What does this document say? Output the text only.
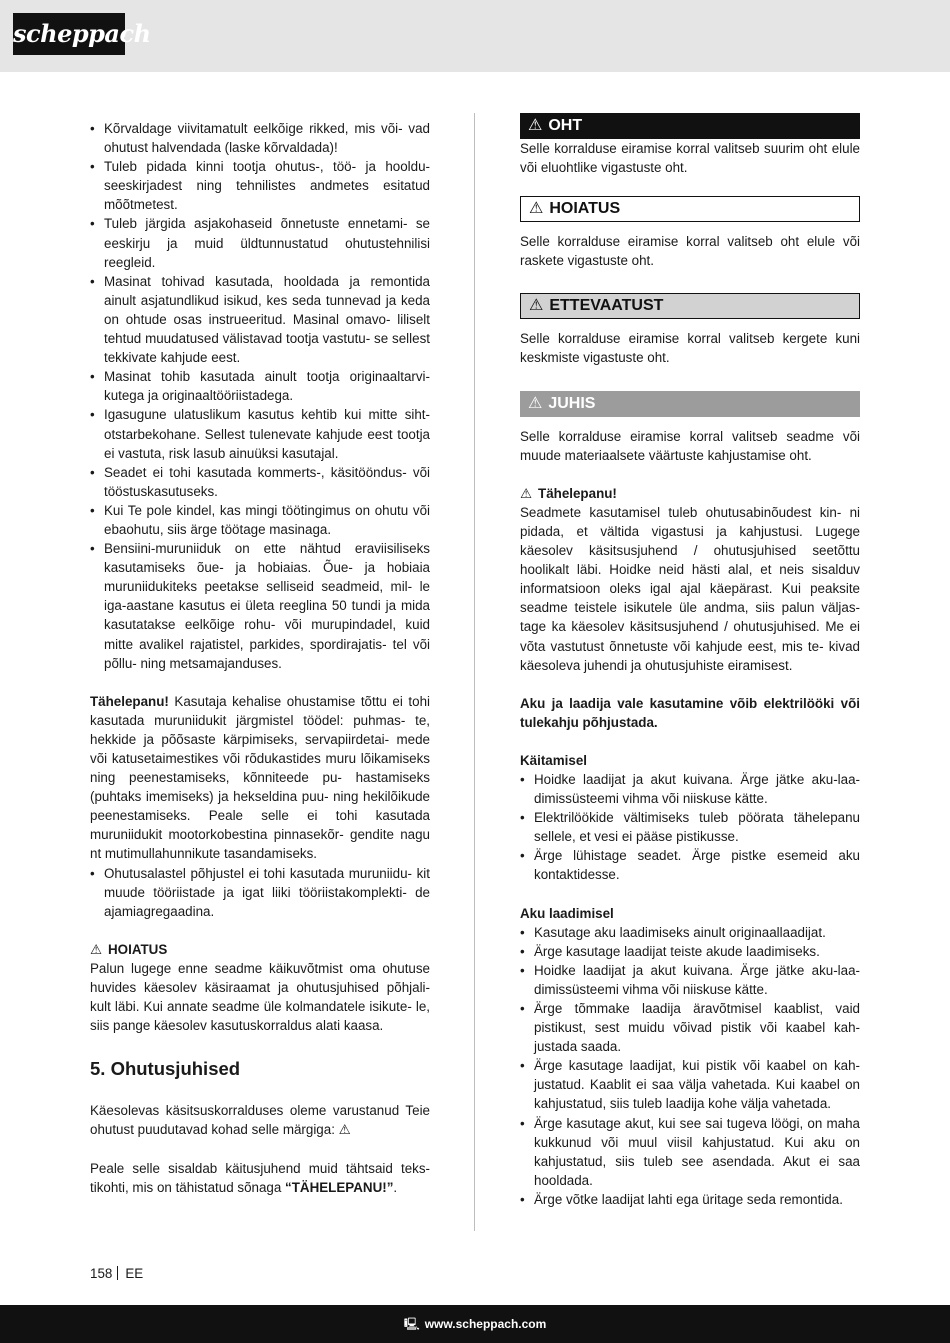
scheppach
• Kõrvaldage viivitamatult eelkõige rikked, mis või- vad ohutust halvendada (laske kõrvaldada)!
• Tuleb pidada kinni tootja ohutus-, töö- ja hooldu- seeskirjadest ning tehnilistes andmetes esitatud mõõtmetest.
• Tuleb järgida asjakohaseid õnnetuste ennetami- se eeskirju ja muid üldtunnustatud ohutustehnilisi reegleid.
• Masinat tohivad kasutada, hooldada ja remontida ainult asjatundlikud isikud, kes seda tunnevad ja keda on ohtude osas instrueeritud. Masinal omavo- liliselt tehtud muudatused välistavad tootja vastutu- se sellest tekkivate kahjude eest.
• Masinat tohib kasutada ainult tootja originaaltarvi- kutega ja originaaltööriistadega.
• Igasugune ulatuslikum kasutus kehtib kui mitte siht- otstarbekohane. Sellest tulenevate kahjude eest tootja ei vastuta, risk lasub ainuüksi kasutajal.
• Seadet ei tohi kasutada kommerts-, käsitööndus- või tööstuskasutuseks.
• Kui Te pole kindel, kas mingi töötingimus on ohutu või ebaohutu, siis ärge töötage masinaga.
• Bensiini-muruniiduk on ette nähtud eraviisiliseks kasutamiseks õue- ja hobiaias. Õue- ja hobiaia muruniidukiteks peetakse selliseid seadmeid, mil- le iga-aastane kasutus ei ületa reeglina 50 tundi ja mida kasutatakse eelkõige rohu- või murupindadel, kuid mitte avalikel rajatistel, parkides, spordirajatis- tel või põllu- ning metsamajanduses.

Tähelepanu! Kasutaja kehalise ohustamise tõttu ei tohi kasutada muruniidukit järgmistel töödel: puhmas- te, hekkide ja põõsaste kärpimiseks, servapiirdetai- mede või katusetaimestikes või rõdukastides muru lõikamiseks ning peenestamiseks, kõnniteede pu- hastamiseks (puhtaks imemiseks) ja hekseldina puu- ning hekilõikude peenestamiseks. Peale selle ei tohi kasutada muruniidukit mootorkobestina pinnasekõr- gendite nagu nt mutimullahunnikute tasandamiseks.

• Ohutusalastel põhjustel ei tohi kasutada muruniidu- kit muude tööriistade ja igat liiki tööriistakomplekti- de ajamiagregaadina.

⚠ HOIATUS

Palun lugege enne seadme käikuvõtmist oma ohutuse huvides käesolev käsiraamat ja ohutusjuhised põhjali- kult läbi. Kui annate seadme üle kolmandatele isikute- le, siis pange käesolev kasutuskorraldus alati kaasa.

5. Ohutusjuhised

Käesolevas käsitsuskorralduses oleme varustanud Teie ohutust puudutavad kohad selle märgiga: ⚠

Peale selle sisaldab käitusjuhend muid tähtsaid teks- tikohti, mis on tähistatud sõnaga “TÄHELEPANU!”.

⚠ OHT

Selle korralduse eiramise korral valitseb suurim oht elule või eluohtlike vigastuste oht.

⚠ HOIATUS

Selle korralduse eiramise korral valitseb oht elule või raskete vigastuste oht.

⚠ ETTEVAATUST

Selle korralduse eiramise korral valitseb kergete kuni keskmiste vigastuste oht.

⚠ JUHIS

Selle korralduse eiramise korral valitseb seadme või muude materiaalsete väärtuste kahjustamise oht.

⚠ Tähelepanu!

Seadmete kasutamisel tuleb ohutusabinõudest kin- ni pidada, et vältida vigastusi ja kahjustusi. Lugege käesolev käsitsusjuhend / ohutusjuhised seetõttu hoolikalt läbi. Hoidke neid hästi alal, et neis sisalduv informatsioon oleks igal ajal käepärast. Kui peaksite seadme teistele isikutele üle andma, siis palun väljas- tage ka käesolev käsitsusjuhend / ohutusjuhised. Me ei võta vastutust õnnetuste või kahjude eest, mis te- kivad käesoleva juhendi ja ohutusjuhiste eiramisest.

Aku ja laadija vale kasutamine võib elektrilööki või tulekahju põhjustada.

Käitamisel

• Hoidke laadijat ja akut kuivana. Ärge jätke aku-laa- dimissüsteemi vihma või niiskuse kätte.
• Elektrilöökide vältimiseks tuleb pöörata tähelepanu sellele, et vesi ei pääse pistikusse.
• Ärge lühistage seadet. Ärge pistke esemeid aku kontaktidesse.

Aku laadimisel

• Kasutage aku laadimiseks ainult originaallaadijat.
• Ärge kasutage laadijat teiste akude laadimiseks.
• Hoidke laadijat ja akut kuivana. Ärge jätke aku-laa- dimissüsteemi vihma või niiskuse kätte.
• Ärge tõmmake laadija äravõtmisel kaablist, vaid pistikust, sest muidu võivad pistik või kaabel kah- justada saada.
• Ärge kasutage laadijat, kui pistik või kaabel on kah- justatud. Kaablit ei saa välja vahetada. Kui kaabel on kahjustatud, siis tuleb laadija kohe välja vahetada.
• Ärge kasutage akut, kui see sai tugeva löögi, on maha kukkunud või muul viisil kahjustatud. Kui aku on kahjustatud, siis tuleb see asendada. Akut ei saa hooldada.
• Ärge võtke laadijat lahti ega üritage seda remontida.
158 EE
🖳 www.scheppach.com
